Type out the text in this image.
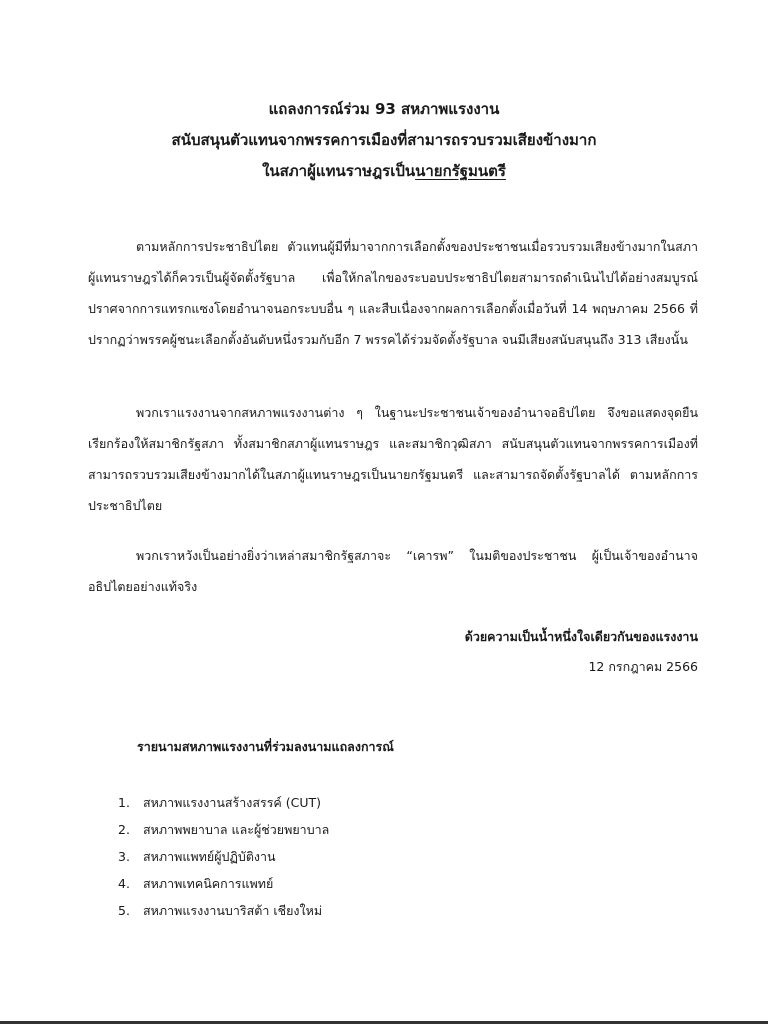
แถลงการณ์ร่วม 93 สหภาพแรงงาน
สนับสนุนตัวแทนจากพรรคการเมืองที่สามารถรวบรวมเสียงข้างมาก
ในสภาผู้แทนราษฎรเป็นนายกรัฐมนตรี
ตามหลักการประชาธิปไตย ตัวแทนผู้มีที่มาจากการเลือกตั้งของประชาชนเมื่อรวบรวมเสียงข้างมากในสภาผู้แทนราษฎรได้ก็ควรเป็นผู้จัดตั้งรัฐบาล เพื่อให้กลไกของระบอบประชาธิปไตยสามารถดำเนินไปได้อย่างสมบูรณ์ปราศจากการแทรกแซงโดยอำนาจนอกระบบอื่น ๆ และสืบเนื่องจากผลการเลือกตั้งเมื่อวันที่ 14 พฤษภาคม 2566 ที่ปรากฏว่าพรรคผู้ชนะเลือกตั้งอันดับหนึ่งรวมกับอีก 7 พรรคได้ร่วมจัดตั้งรัฐบาล จนมีเสียงสนับสนุนถึง 313 เสียงนั้น
พวกเราแรงงานจากสหภาพแรงงานต่าง ๆ ในฐานะประชาชนเจ้าของอำนาจอธิปไตย จึงขอแสดงจุดยืนเรียกร้องให้สมาชิกรัฐสภา ทั้งสมาชิกสภาผู้แทนราษฎร และสมาชิกวุฒิสภา สนับสนุนตัวแทนจากพรรคการเมืองที่สามารถรวบรวมเสียงข้างมากได้ในสภาผู้แทนราษฎรเป็นนายกรัฐมนตรี และสามารถจัดตั้งรัฐบาลได้ ตามหลักการประชาธิปไตย
พวกเราหวังเป็นอย่างยิ่งว่าเหล่าสมาชิกรัฐสภาจะ “เคารพ” ในมติของประชาชน ผู้เป็นเจ้าของอำนาจอธิปไตยอย่างแท้จริง
ด้วยความเป็นน้ำหนึ่งใจเดียวกันของแรงงาน
12 กรกฎาคม 2566
รายนามสหภาพแรงงานที่ร่วมลงนามแถลงการณ์
1. สหภาพแรงงานสร้างสรรค์ (CUT)
2. สหภาพพยาบาล และผู้ช่วยพยาบาล
3. สหภาพแพทย์ผู้ปฏิบัติงาน
4. สหภาพเทคนิคการแพทย์
5. สหภาพแรงงานบาริสต้า เชียงใหม่
